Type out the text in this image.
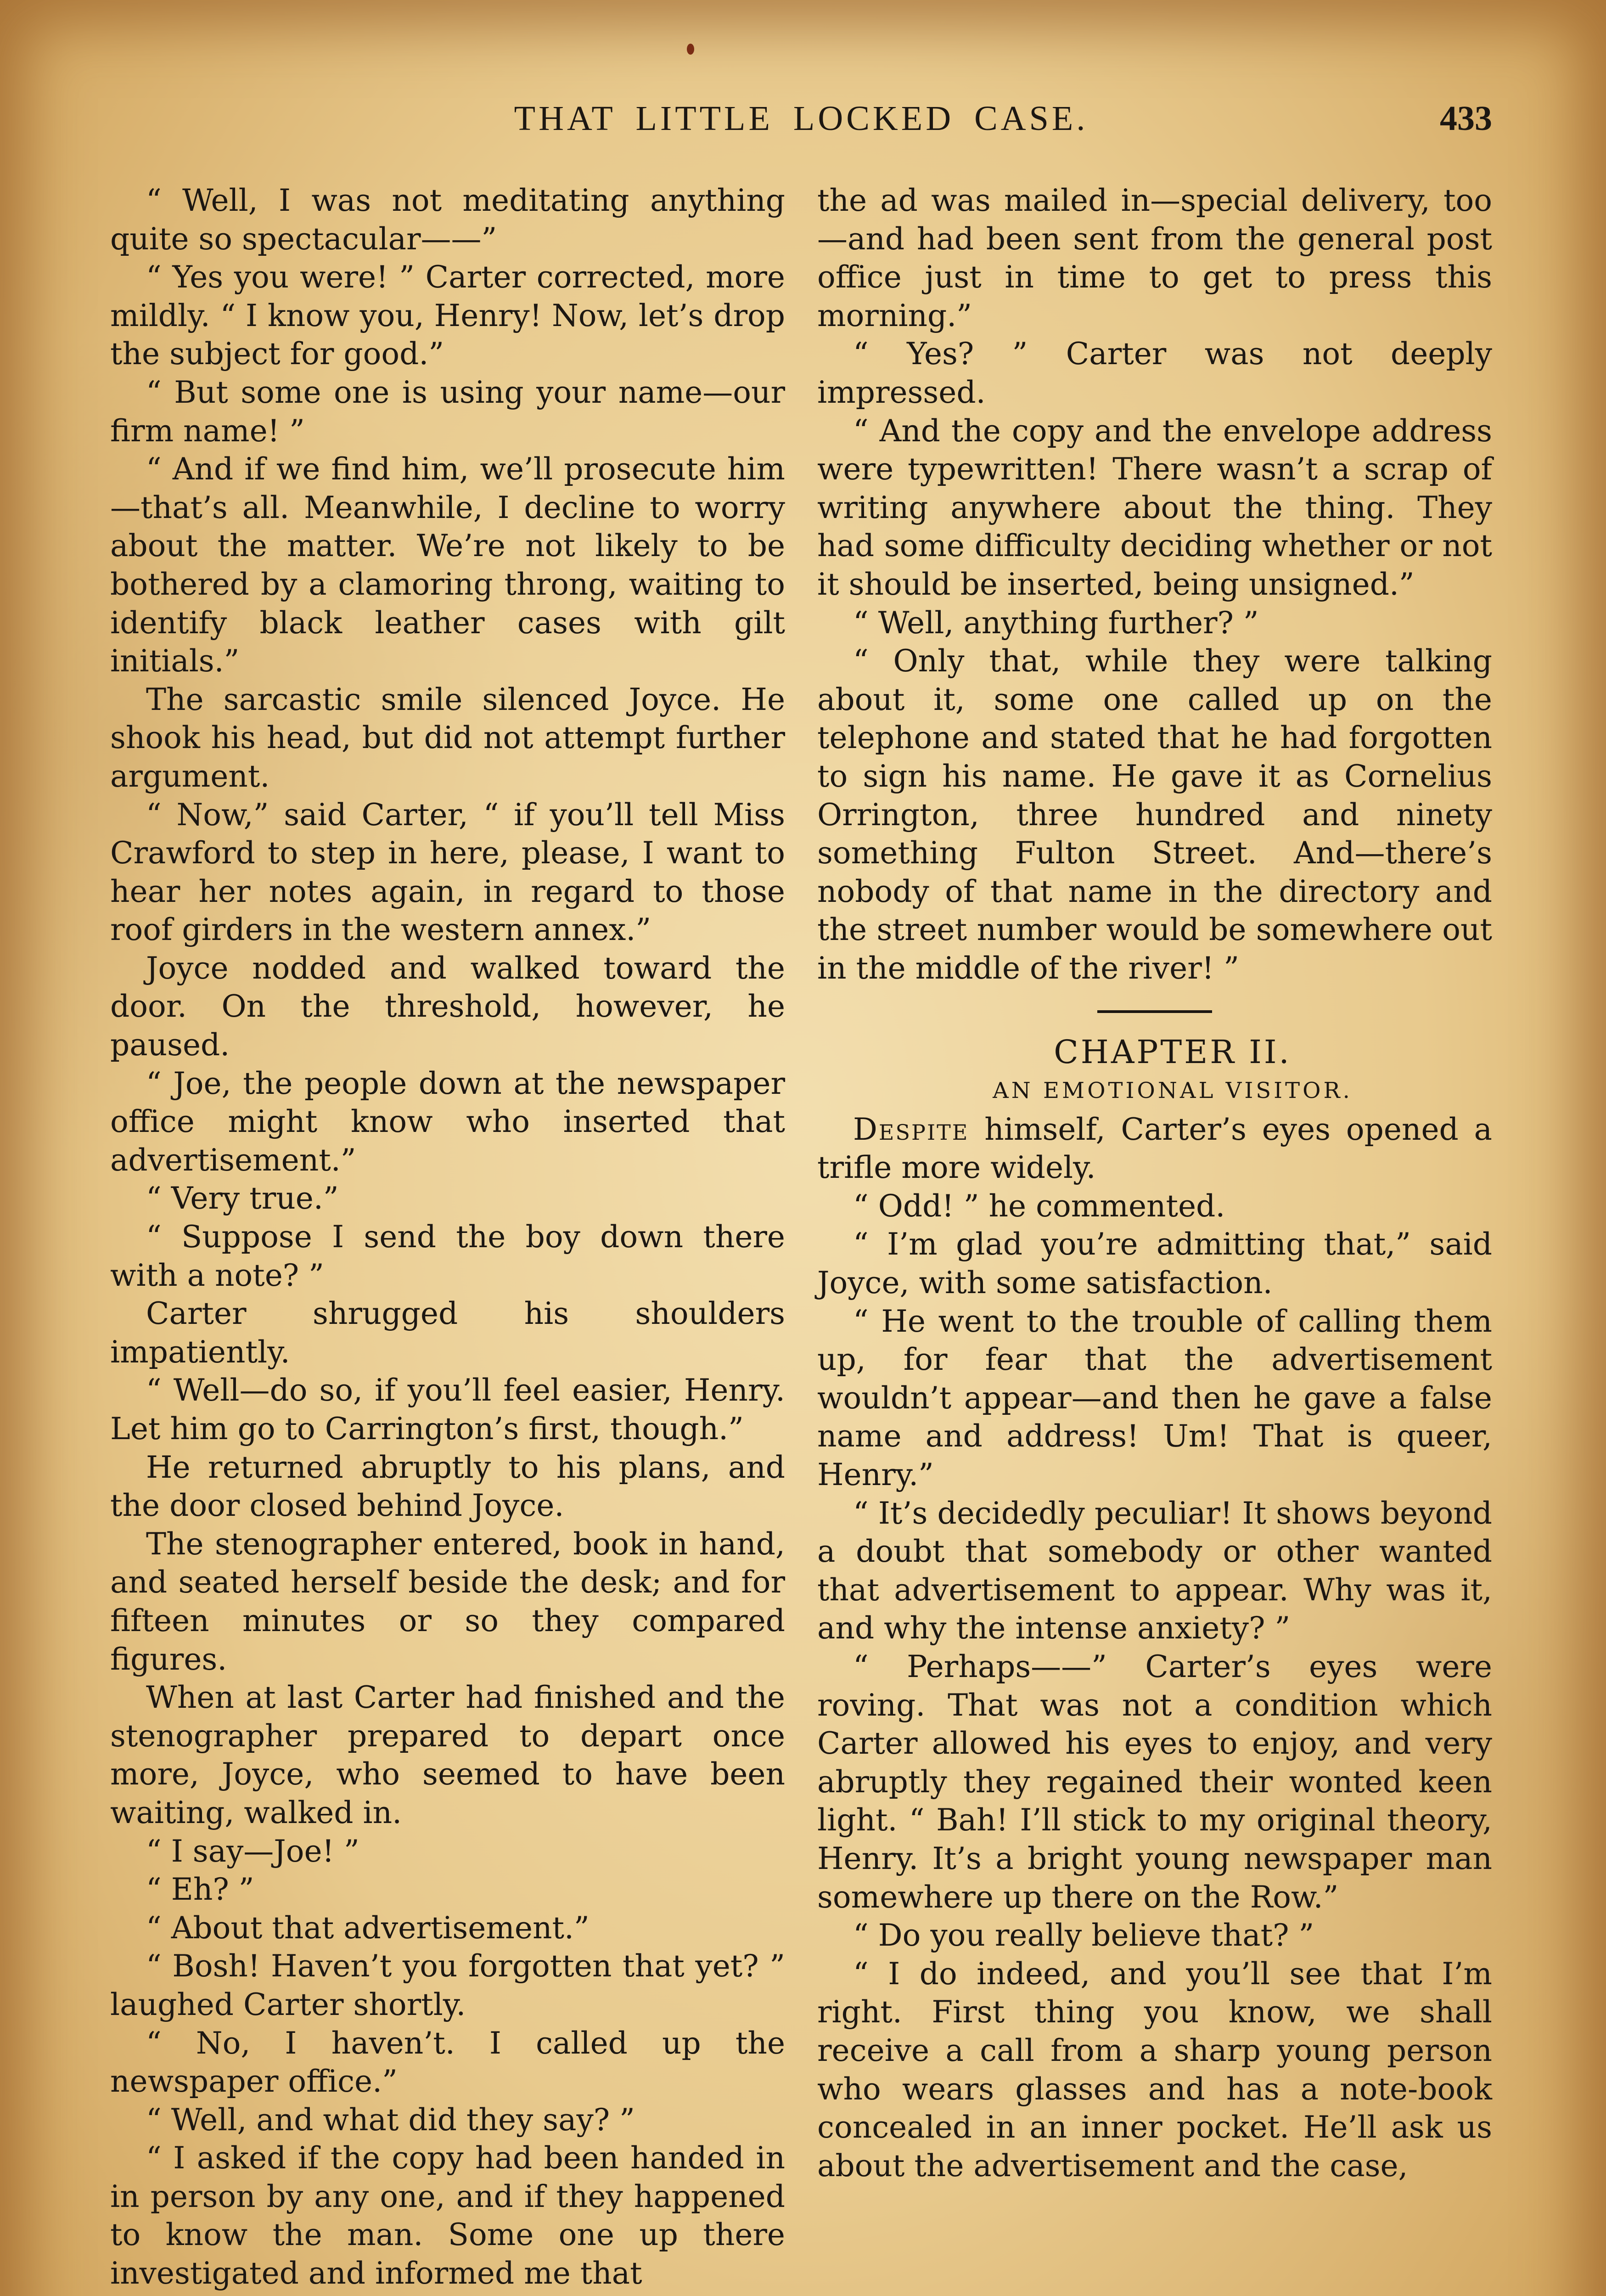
THAT LITTLE LOCKED CASE.	433

“ Well, I was not meditating anything quite so spectacular——”

“ Yes you were! ” Carter corrected, more mildly. “ I know you, Henry! Now, let’s drop the subject for good.”

“ But some one is using your name—our firm name! ”

“ And if we find him, we’ll prosecute him—that’s all. Meanwhile, I decline to worry about the matter. We’re not likely to be bothered by a clamoring throng, waiting to identify black leather cases with gilt initials.”

The sarcastic smile silenced Joyce. He shook his head, but did not attempt further argument.

“ Now,” said Carter, “ if you’ll tell Miss Crawford to step in here, please, I want to hear her notes again, in regard to those roof girders in the western annex.”

Joyce nodded and walked toward the door. On the threshold, however, he paused.

“ Joe, the people down at the newspaper office might know who inserted that advertisement.”

“ Very true.”

“ Suppose I send the boy down there with a note? ”

Carter shrugged his shoulders impatiently.

“ Well—do so, if you’ll feel easier, Henry. Let him go to Carrington’s first, though.”

He returned abruptly to his plans, and the door closed behind Joyce.

The stenographer entered, book in hand, and seated herself beside the desk; and for fifteen minutes or so they compared figures.

When at last Carter had finished and the stenographer prepared to depart once more, Joyce, who seemed to have been waiting, walked in.

“ I say—Joe! ”

“ Eh? ”

“ About that advertisement.”

“ Bosh! Haven’t you forgotten that yet? ” laughed Carter shortly.

“ No, I haven’t. I called up the newspaper office.”

“ Well, and what did they say? ”

“ I asked if the copy had been handed in in person by any one, and if they happened to know the man. Some one up there investigated and informed me that

the ad was mailed in—special delivery, too—and had been sent from the general post office just in time to get to press this morning.”

“ Yes? ” Carter was not deeply impressed.

“ And the copy and the envelope address were typewritten! There wasn’t a scrap of writing anywhere about the thing. They had some difficulty deciding whether or not it should be inserted, being unsigned.”

“ Well, anything further? ”

“ Only that, while they were talking about it, some one called up on the telephone and stated that he had forgotten to sign his name. He gave it as Cornelius Orrington, three hundred and ninety something Fulton Street. And—there’s nobody of that name in the directory and the street number would be somewhere out in the middle of the river! ”

CHAPTER II.

AN EMOTIONAL VISITOR.

Despite himself, Carter’s eyes opened a trifle more widely.

“ Odd! ” he commented.

“ I’m glad you’re admitting that,” said Joyce, with some satisfaction.

“ He went to the trouble of calling them up, for fear that the advertisement wouldn’t appear—and then he gave a false name and address! Um! That is queer, Henry.”

“ It’s decidedly peculiar! It shows beyond a doubt that somebody or other wanted that advertisement to appear. Why was it, and why the intense anxiety? ”

“ Perhaps——” Carter’s eyes were roving. That was not a condition which Carter allowed his eyes to enjoy, and very abruptly they regained their wonted keen light. “ Bah! I’ll stick to my original theory, Henry. It’s a bright young newspaper man somewhere up there on the Row.”

“ Do you really believe that? ”

“ I do indeed, and you’ll see that I’m right. First thing you know, we shall receive a call from a sharp young person who wears glasses and has a note-book concealed in an inner pocket. He’ll ask us about the advertisement and the case,
